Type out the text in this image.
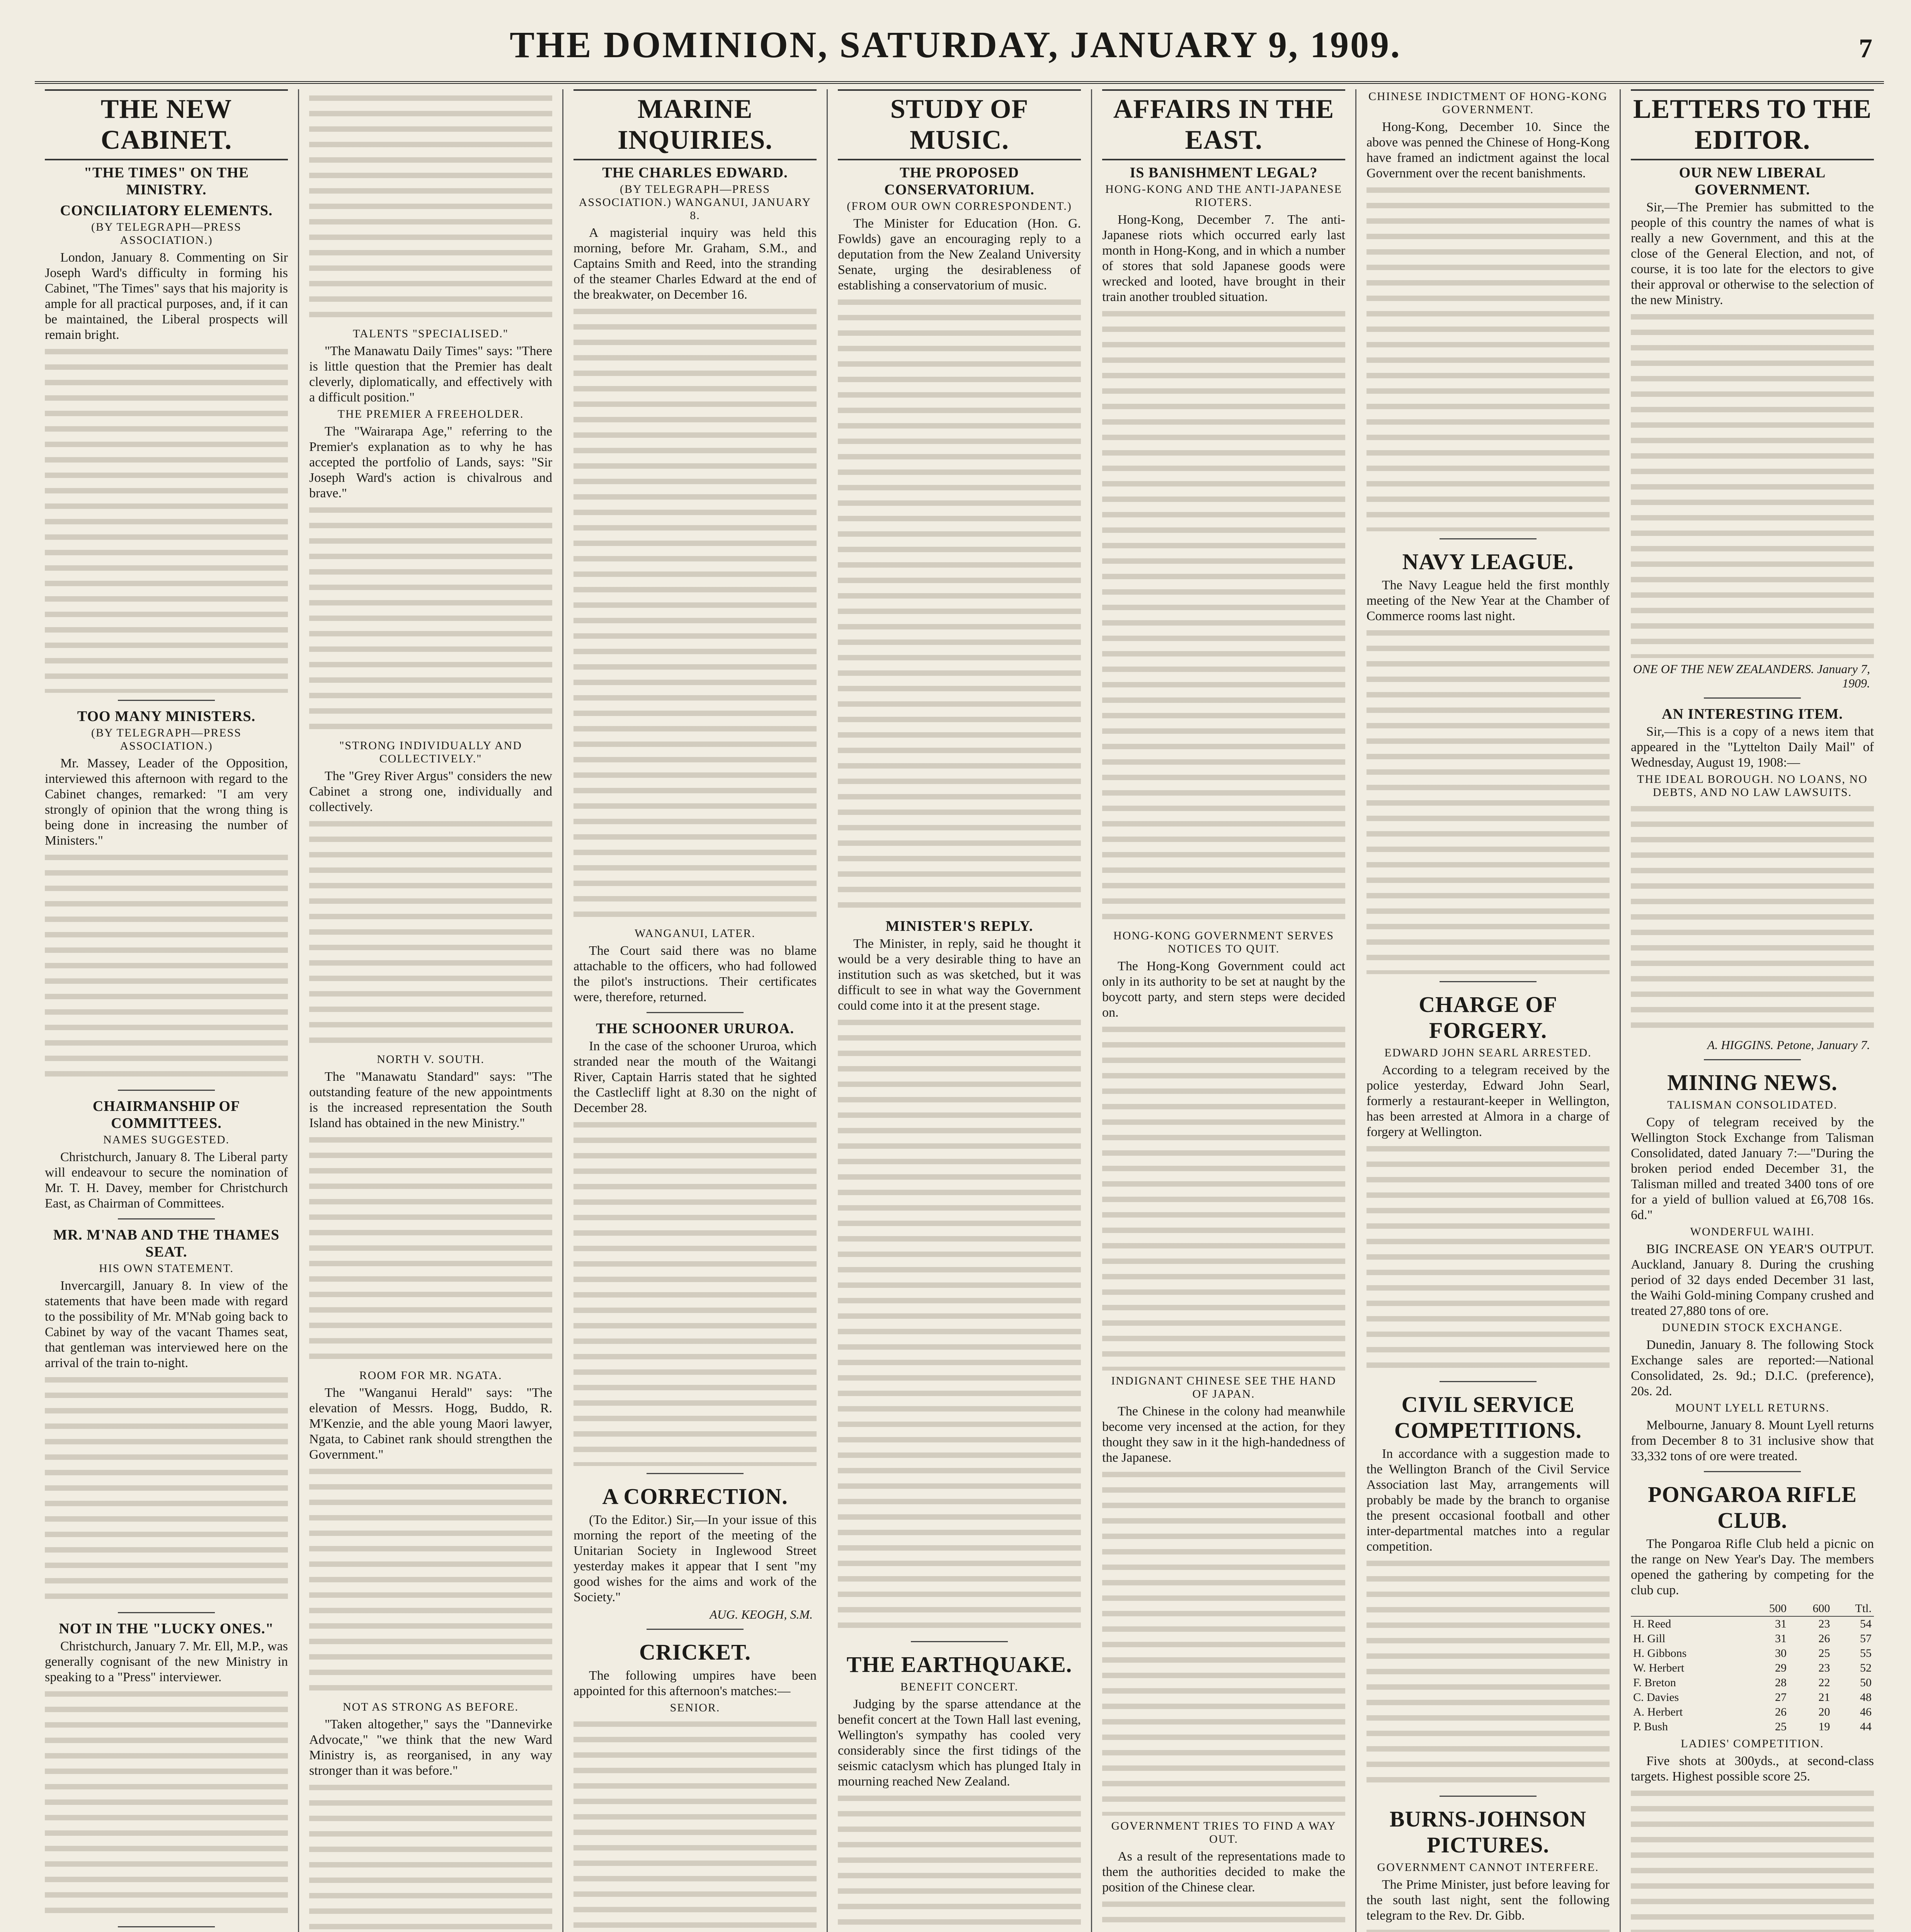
THE DOMINION, SATURDAY, JANUARY 9, 1909.	7
THE NEW CABINET.
"THE TIMES" ON THE MINISTRY.
CONCILIATORY ELEMENTS.
(BY TELEGRAPH—PRESS ASSOCIATION.)

London, January 8. Commenting on Sir Joseph Ward's difficulty in forming his Cabinet, "The Times" says that his majority is ample for all practical purposes, and, if it can be maintained, the Liberal prospects will remain bright.

TOO MANY MINISTERS.
(BY TELEGRAPH—PRESS ASSOCIATION.)

Mr. Massey, Leader of the Opposition, interviewed this afternoon with regard to the Cabinet changes, remarked: "I am very strongly of opinion that the wrong thing is being done in increasing the number of Ministers."

CHAIRMANSHIP OF COMMITTEES.
NAMES SUGGESTED.

Christchurch, January 8. The Liberal party will endeavour to secure the nomination of Mr. T. H. Davey, member for Christchurch East, as Chairman of Committees.

MR. M'NAB AND THE THAMES SEAT.
HIS OWN STATEMENT.

Invercargill, January 8. In view of the statements that have been made with regard to the possibility of Mr. M'Nab going back to Cabinet by way of the vacant Thames seat, that gentleman was interviewed here on the arrival of the train to-night.

NOT IN THE "LUCKY ONES."

Christchurch, January 7. Mr. Ell, M.P., was generally cognisant of the new Ministry in speaking to a "Press" interviewer.

TALENTS "SPECIALISED."

"The Manawatu Daily Times" says: "There is little question that the Premier has dealt cleverly, diplomatically, and effectively with a difficult position."

THE PREMIER A FREEHOLDER.

The "Wairarapa Age," referring to the Premier's explanation as to why he has accepted the portfolio of Lands, says: "Sir Joseph Ward's action is chivalrous and brave."

"STRONG INDIVIDUALLY AND COLLECTIVELY."

The "Grey River Argus" considers the new Cabinet a strong one, individually and collectively.

NORTH V. SOUTH.

The "Manawatu Standard" says: "The outstanding feature of the new appointments is the increased representation the South Island has obtained in the new Ministry."

ROOM FOR MR. NGATA.

The "Wanganui Herald" says: "The elevation of Messrs. Hogg, Buddo, R. M'Kenzie, and the able young Maori lawyer, Ngata, to Cabinet rank should strengthen the Government."

NOT AS STRONG AS BEFORE.

"Taken altogether," says the "Dannevirke Advocate," "we think that the new Ward Ministry is, as reorganised, in any way stronger than it was before."

MARINE INQUIRIES.
THE CHARLES EDWARD.
(BY TELEGRAPH—PRESS ASSOCIATION.) WANGANUI, JANUARY 8.

A magisterial inquiry was held this morning, before Mr. Graham, S.M., and Captains Smith and Reed, into the stranding of the steamer Charles Edward at the end of the breakwater, on December 16.

WANGANUI, LATER.

The Court said there was no blame attachable to the officers, who had followed the pilot's instructions. Their certificates were, therefore, returned.

THE SCHOONER URUROA.

In the case of the schooner Ururoa, which stranded near the mouth of the Waitangi River, Captain Harris stated that he sighted the Castlecliff light at 8.30 on the night of December 28.

A CORRECTION.

(To the Editor.) Sir,—In your issue of this morning the report of the meeting of the Unitarian Society in Inglewood Street yesterday makes it appear that I sent "my good wishes for the aims and work of the Society."

AUG. KEOGH, S.M.
CRICKET.

The following umpires have been appointed for this afternoon's matches:—

SENIOR.

STUDY OF MUSIC.
THE PROPOSED CONSERVATORIUM.
(FROM OUR OWN CORRESPONDENT.)

The Minister for Education (Hon. G. Fowlds) gave an encouraging reply to a deputation from the New Zealand University Senate, urging the desirableness of establishing a conservatorium of music.

MINISTER'S REPLY.

The Minister, in reply, said he thought it would be a very desirable thing to have an institution such as was sketched, but it was difficult to see in what way the Government could come into it at the present stage.

THE EARTHQUAKE.
BENEFIT CONCERT.

Judging by the sparse attendance at the benefit concert at the Town Hall last evening, Wellington's sympathy has cooled very considerably since the first tidings of the seismic cataclysm which has plunged Italy in mourning reached New Zealand.

AFFAIRS IN THE EAST.
IS BANISHMENT LEGAL?
HONG-KONG AND THE ANTI-JAPANESE RIOTERS.

Hong-Kong, December 7. The anti-Japanese riots which occurred early last month in Hong-Kong, and in which a number of stores that sold Japanese goods were wrecked and looted, have brought in their train another troubled situation.

HONG-KONG GOVERNMENT SERVES NOTICES TO QUIT.

The Hong-Kong Government could act only in its authority to be set at naught by the boycott party, and stern steps were decided on.

INDIGNANT CHINESE SEE THE HAND OF JAPAN.

The Chinese in the colony had meanwhile become very incensed at the action, for they thought they saw in it the high-handedness of the Japanese.

GOVERNMENT TRIES TO FIND A WAY OUT.

As a result of the representations made to them the authorities decided to make the position of the Chinese clear.

CHINESE INDICTMENT OF HONG-KONG GOVERNMENT.

Hong-Kong, December 10. Since the above was penned the Chinese of Hong-Kong have framed an indictment against the local Government over the recent banishments.

NAVY LEAGUE.

The Navy League held the first monthly meeting of the New Year at the Chamber of Commerce rooms last night.

CHARGE OF FORGERY.
EDWARD JOHN SEARL ARRESTED.

According to a telegram received by the police yesterday, Edward John Searl, formerly a restaurant-keeper in Wellington, has been arrested at Almora in a charge of forgery at Wellington.

CIVIL SERVICE COMPETITIONS.

In accordance with a suggestion made to the Wellington Branch of the Civil Service Association last May, arrangements will probably be made by the branch to organise the present occasional football and other inter-departmental matches into a regular competition.

BURNS-JOHNSON PICTURES.
GOVERNMENT CANNOT INTERFERE.

The Prime Minister, just before leaving for the south last night, sent the following telegram to the Rev. Dr. Gibb.

LETTERS TO THE EDITOR.
OUR NEW LIBERAL GOVERNMENT.

Sir,—The Premier has submitted to the people of this country the names of what is really a new Government, and this at the close of the General Election, and not, of course, it is too late for the electors to give their approval or otherwise to the selection of the new Ministry.

ONE OF THE NEW ZEALANDERS. January 7, 1909.
AN INTERESTING ITEM.

Sir,—This is a copy of a news item that appeared in the "Lyttelton Daily Mail" of Wednesday, August 19, 1908:—

THE IDEAL BOROUGH. NO LOANS, NO DEBTS, AND NO LAW LAWSUITS.
A. HIGGINS. Petone, January 7.
MINING NEWS.
TALISMAN CONSOLIDATED.

Copy of telegram received by the Wellington Stock Exchange from Talisman Consolidated, dated January 7:—"During the broken period ended December 31, the Talisman milled and treated 3400 tons of ore for a yield of bullion valued at £6,708 16s. 6d."

WONDERFUL WAIHI.

BIG INCREASE ON YEAR'S OUTPUT. Auckland, January 8. During the crushing period of 32 days ended December 31 last, the Waihi Gold-mining Company crushed and treated 27,880 tons of ore.

DUNEDIN STOCK EXCHANGE.

Dunedin, January 8. The following Stock Exchange sales are reported:—National Consolidated, 2s. 9d.; D.I.C. (preference), 20s. 2d.

MOUNT LYELL RETURNS.

Melbourne, January 8. Mount Lyell returns from December 8 to 31 inclusive show that 33,332 tons of ore were treated.

PONGAROA RIFLE CLUB.

The Pongaroa Rifle Club held a picnic on the range on New Year's Day. The members opened the gathering by competing for the club cup.

	500	600	Ttl.
H. Reed	31	23	54
H. Gill	31	26	57
H. Gibbons	30	25	55
W. Herbert	29	23	52
F. Breton	28	22	50
C. Davies	27	21	48
A. Herbert	26	20	46
P. Bush	25	19	44
LADIES' COMPETITION.

Five shots at 300yds., at second-class targets. Highest possible score 25.
